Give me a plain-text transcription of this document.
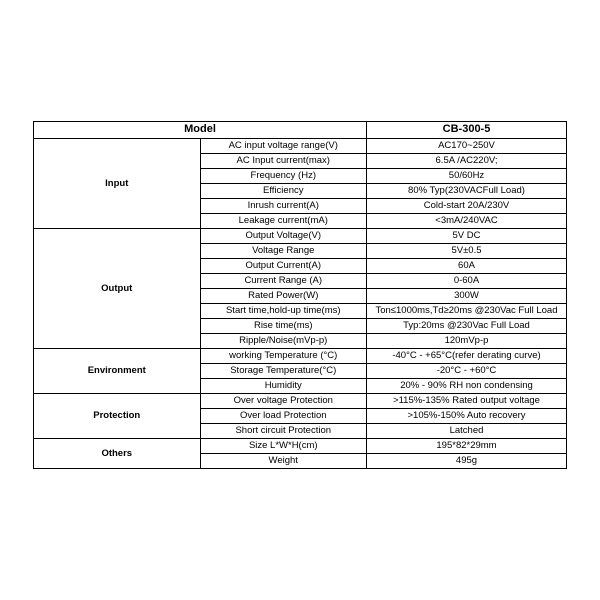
Model		CB-300-5
Input	AC input voltage range(V)	AC170~250V
	AC Input current(max)	6.5A /AC220V;
	Frequency (Hz)	50/60Hz
	Efficiency	80% Typ(230VACFull Load)
	Inrush current(A)	Cold-start 20A/230V
	Leakage current(mA)	<3mA/240VAC
Output	Output Voltage(V)	5V DC
	Voltage Range	5V±0.5
	Output Current(A)	60A
	Current Range (A)	0-60A
	Rated Power(W)	300W
	Start time,hold-up time(ms)	Ton≤1000ms,Td≥20ms @230Vac Full Load
	Rise time(ms)	Typ:20ms @230Vac Full Load
	Ripple/Noise(mVp-p)	120mVp-p
Environment	working Temperature (°C)	-40°C - +65°C(refer derating curve)
	Storage Temperature(°C)	-20°C - +60°C
	Humidity	20% - 90% RH non condensing
Protection	Over voltage Protection	>115%-135% Rated output voltage
	Over load Protection	>105%-150% Auto recovery
	Short circuit Protection	Latched
Others	Size L*W*H(cm)	195*82*29mm
	Weight	495g
